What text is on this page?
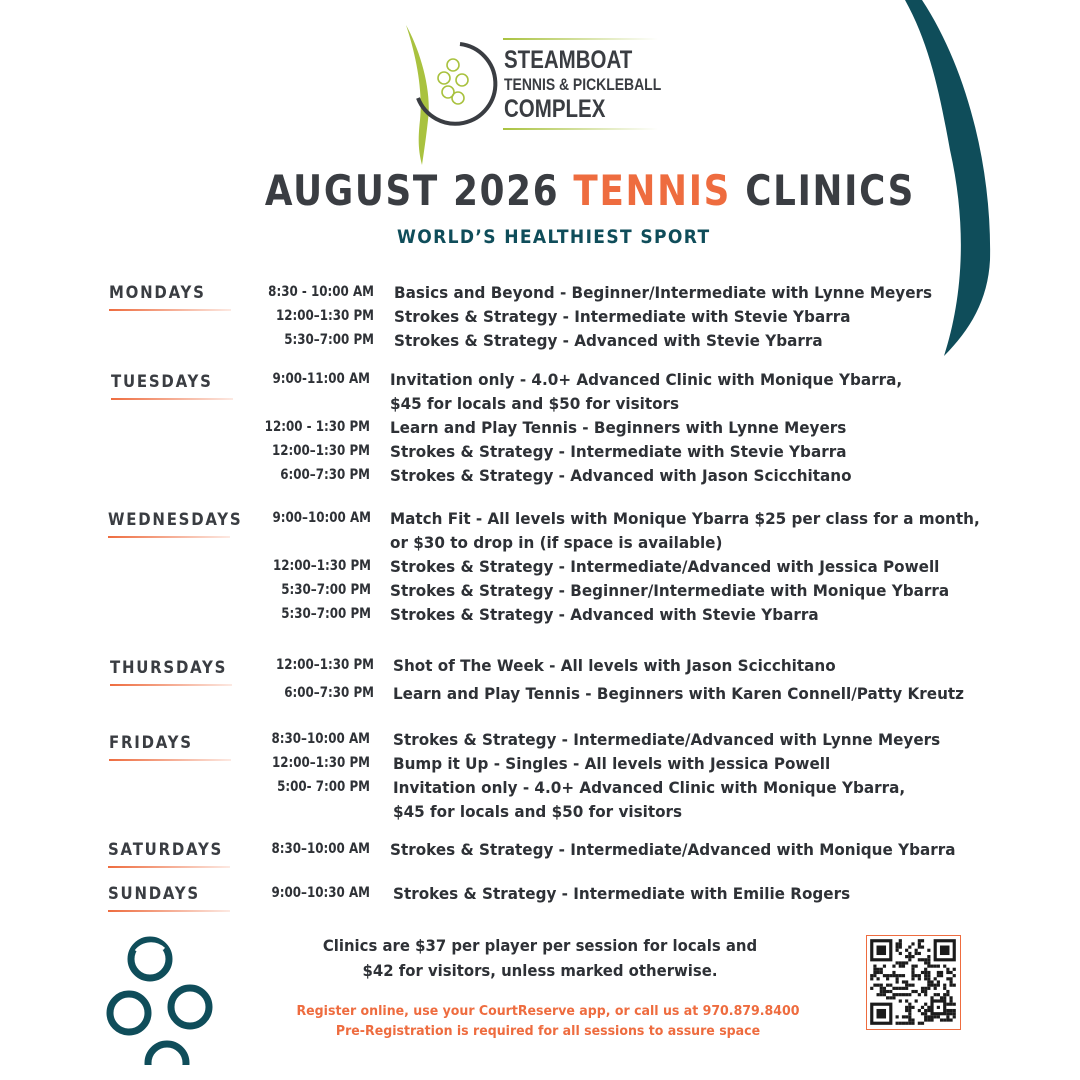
STEAMBOAT
TENNIS & PICKLEBALL
COMPLEX
AUGUST 2026 TENNIS CLINICS
WORLD’S HEALTHIEST SPORT
MONDAYS	8:30 - 10:00 AM Basics and Beyond - Beginner/Intermediate with Lynne Meyers
12:00–1:30 PM Strokes & Strategy - Intermediate with Stevie Ybarra
5:30–7:00 PM Strokes & Strategy - Advanced with Stevie Ybarra
TUESDAYS	9:00-11:00 AM Invitation only - 4.0+ Advanced Clinic with Monique Ybarra,
$45 for locals and $50 for visitors
12:00 - 1:30 PM Learn and Play Tennis - Beginners with Lynne Meyers
12:00–1:30 PM Strokes & Strategy - Intermediate with Stevie Ybarra
6:00–7:30 PM Strokes & Strategy - Advanced with Jason Scicchitano
WEDNESDAYS	9:00–10:00 AM Match Fit - All levels with Monique Ybarra $25 per class for a month,
or $30 to drop in (if space is available)
12:00–1:30 PM Strokes & Strategy - Intermediate/Advanced with Jessica Powell
5:30–7:00 PM Strokes & Strategy - Beginner/Intermediate with Monique Ybarra
5:30–7:00 PM Strokes & Strategy - Advanced with Stevie Ybarra
THURSDAYS	12:00–1:30 PM Shot of The Week - All levels with Jason Scicchitano
6:00–7:30 PM Learn and Play Tennis - Beginners with Karen Connell/Patty Kreutz
FRIDAYS	8:30–10:00 AM Strokes & Strategy - Intermediate/Advanced with Lynne Meyers
12:00–1:30 PM Bump it Up - Singles - All levels with Jessica Powell
5:00- 7:00 PM Invitation only - 4.0+ Advanced Clinic with Monique Ybarra,
$45 for locals and $50 for visitors
SATURDAYS	8:30–10:00 AM Strokes & Strategy - Intermediate/Advanced with Monique Ybarra
SUNDAYS	9:00–10:30 AM Strokes & Strategy - Intermediate with Emilie Rogers
Clinics are $37 per player per session for locals and
$42 for visitors, unless marked otherwise.
Register online, use your CourtReserve app, or call us at 970.879.8400
Pre-Registration is required for all sessions to assure space
